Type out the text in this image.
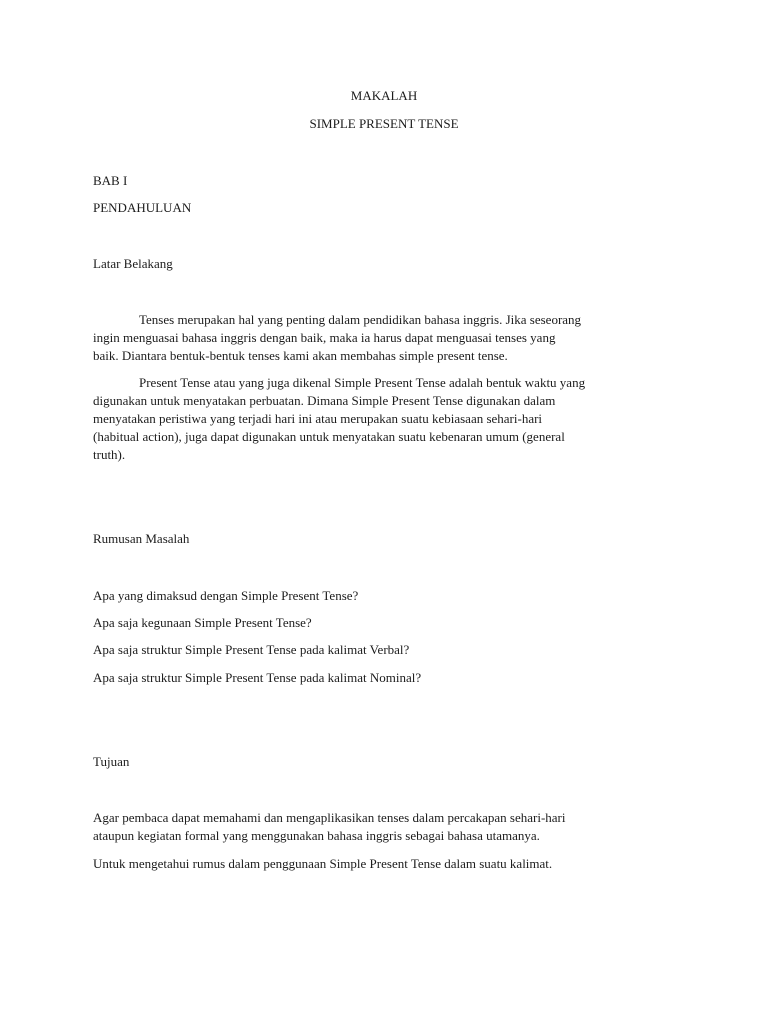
MAKALAH
SIMPLE PRESENT TENSE
BAB I
PENDAHULUAN
Latar Belakang
Tenses merupakan hal yang penting dalam pendidikan bahasa inggris. Jika seseorang
ingin menguasai bahasa inggris dengan baik, maka ia harus dapat menguasai tenses yang
baik. Diantara bentuk-bentuk tenses kami akan membahas simple present tense.
Present Tense atau yang juga dikenal Simple Present Tense adalah bentuk waktu yang
digunakan untuk menyatakan perbuatan. Dimana Simple Present Tense digunakan dalam
menyatakan peristiwa yang terjadi hari ini atau merupakan suatu kebiasaan sehari-hari
(habitual action), juga dapat digunakan untuk menyatakan suatu kebenaran umum (general
truth).
Rumusan Masalah
Apa yang dimaksud dengan Simple Present Tense?
Apa saja kegunaan Simple Present Tense?
Apa saja struktur Simple Present Tense pada kalimat Verbal?
Apa saja struktur Simple Present Tense pada kalimat Nominal?
Tujuan
Agar pembaca dapat memahami dan mengaplikasikan tenses dalam percakapan sehari-hari
ataupun kegiatan formal yang menggunakan bahasa inggris sebagai bahasa utamanya.
Untuk mengetahui rumus dalam penggunaan Simple Present Tense dalam suatu kalimat.
